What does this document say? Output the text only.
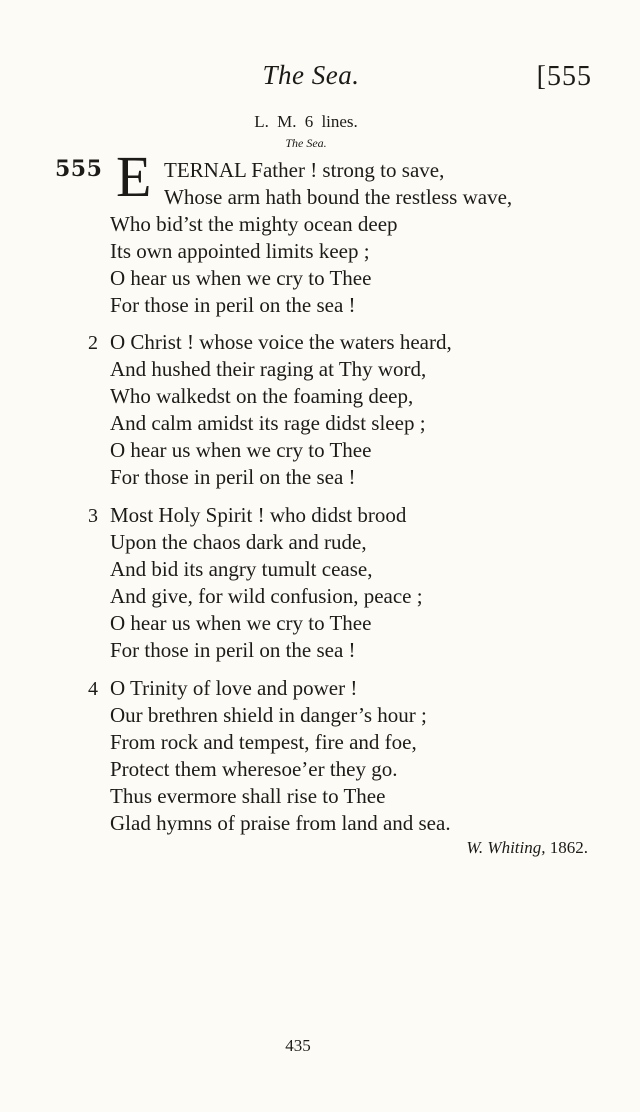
The Sea.	[555
L. M. 6 lines.
The Sea.
555 E TERNAL Father ! strong to save,
Whose arm hath bound the restless wave,
Who bid’st the mighty ocean deep
Its own appointed limits keep ;
O hear us when we cry to Thee
For those in peril on the sea !
2 O Christ ! whose voice the waters heard,
And hushed their raging at Thy word,
Who walkedst on the foaming deep,
And calm amidst its rage didst sleep ;
O hear us when we cry to Thee
For those in peril on the sea !
3 Most Holy Spirit ! who didst brood
Upon the chaos dark and rude,
And bid its angry tumult cease,
And give, for wild confusion, peace ;
O hear us when we cry to Thee
For those in peril on the sea !
4 O Trinity of love and power !
Our brethren shield in danger’s hour ;
From rock and tempest, fire and foe,
Protect them wheresoe’er they go.
Thus evermore shall rise to Thee
Glad hymns of praise from land and sea.
W. Whiting, 1862.
435
